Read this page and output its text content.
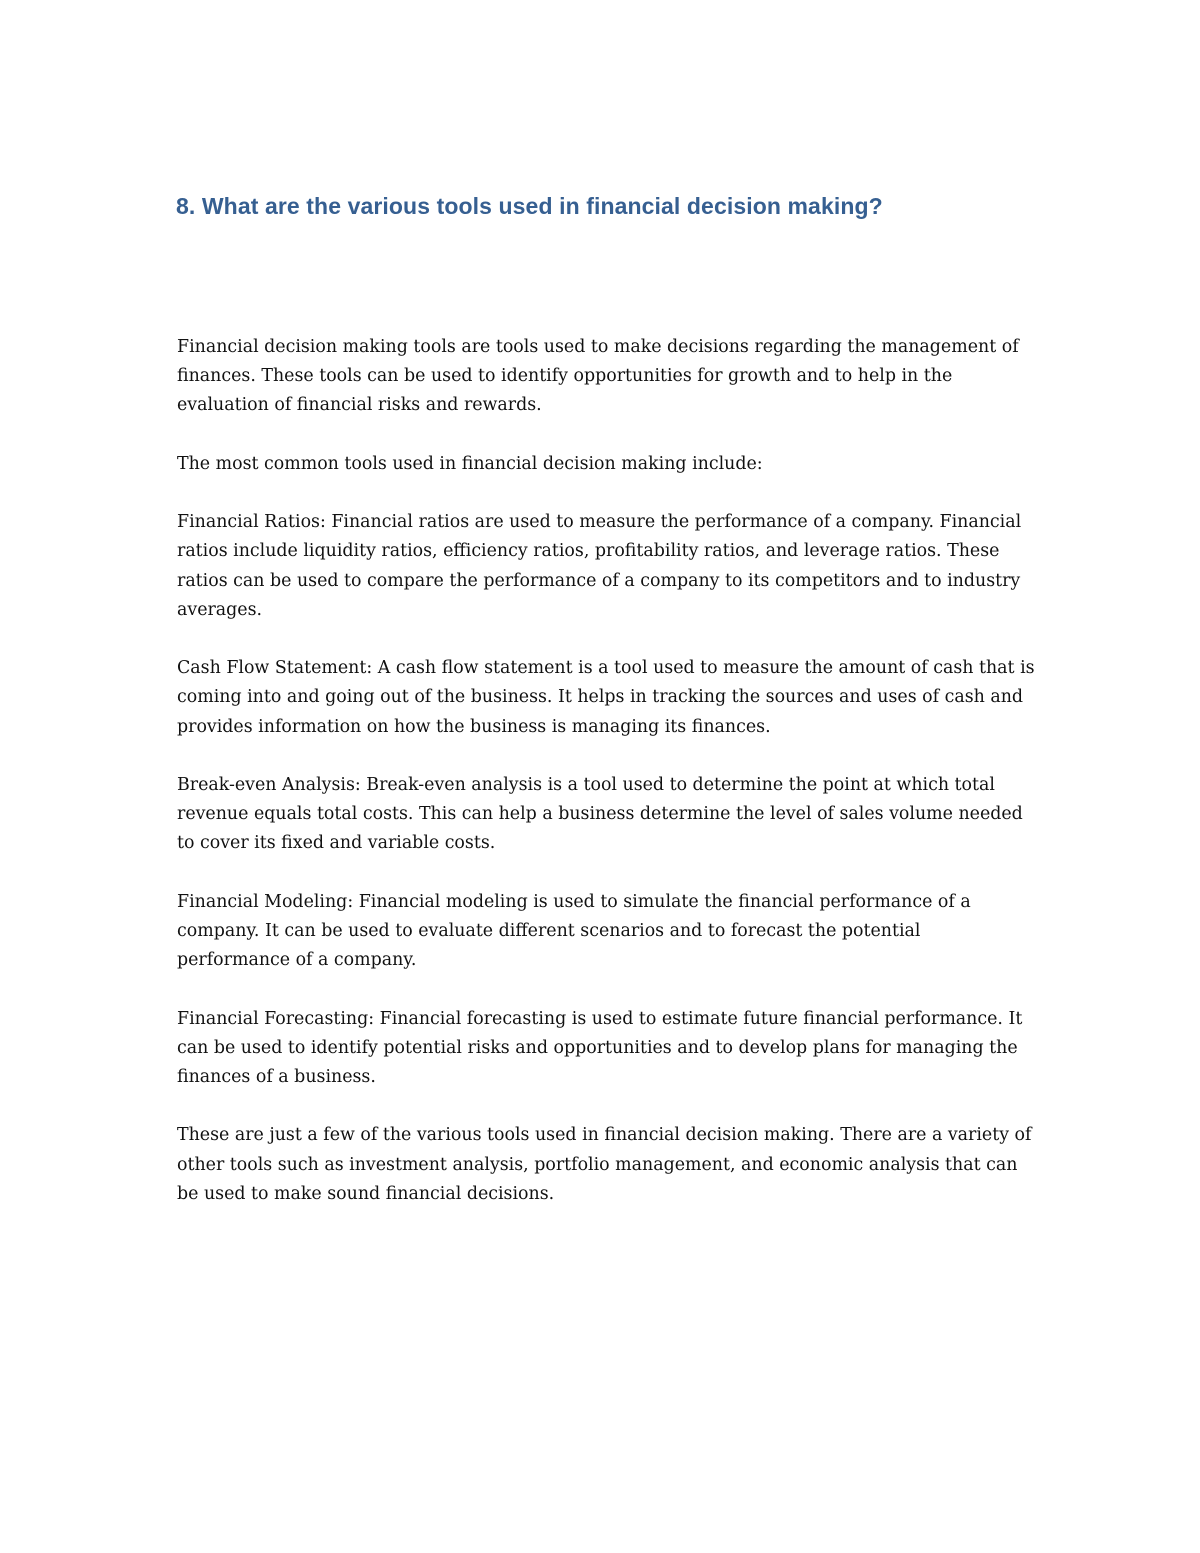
8. What are the various tools used in financial decision making?

Financial decision making tools are tools used to make decisions regarding the management of finances. These tools can be used to identify opportunities for growth and to help in the evaluation of financial risks and rewards.

The most common tools used in financial decision making include:

Financial Ratios: Financial ratios are used to measure the performance of a company. Financial ratios include liquidity ratios, efficiency ratios, profitability ratios, and leverage ratios. These ratios can be used to compare the performance of a company to its competitors and to industry averages.

Cash Flow Statement: A cash flow statement is a tool used to measure the amount of cash that is coming into and going out of the business. It helps in tracking the sources and uses of cash and provides information on how the business is managing its finances.

Break-even Analysis: Break-even analysis is a tool used to determine the point at which total revenue equals total costs. This can help a business determine the level of sales volume needed to cover its fixed and variable costs.

Financial Modeling: Financial modeling is used to simulate the financial performance of a company. It can be used to evaluate different scenarios and to forecast the potential performance of a company.

Financial Forecasting: Financial forecasting is used to estimate future financial performance. It can be used to identify potential risks and opportunities and to develop plans for managing the finances of a business.

These are just a few of the various tools used in financial decision making. There are a variety of other tools such as investment analysis, portfolio management, and economic analysis that can be used to make sound financial decisions.
